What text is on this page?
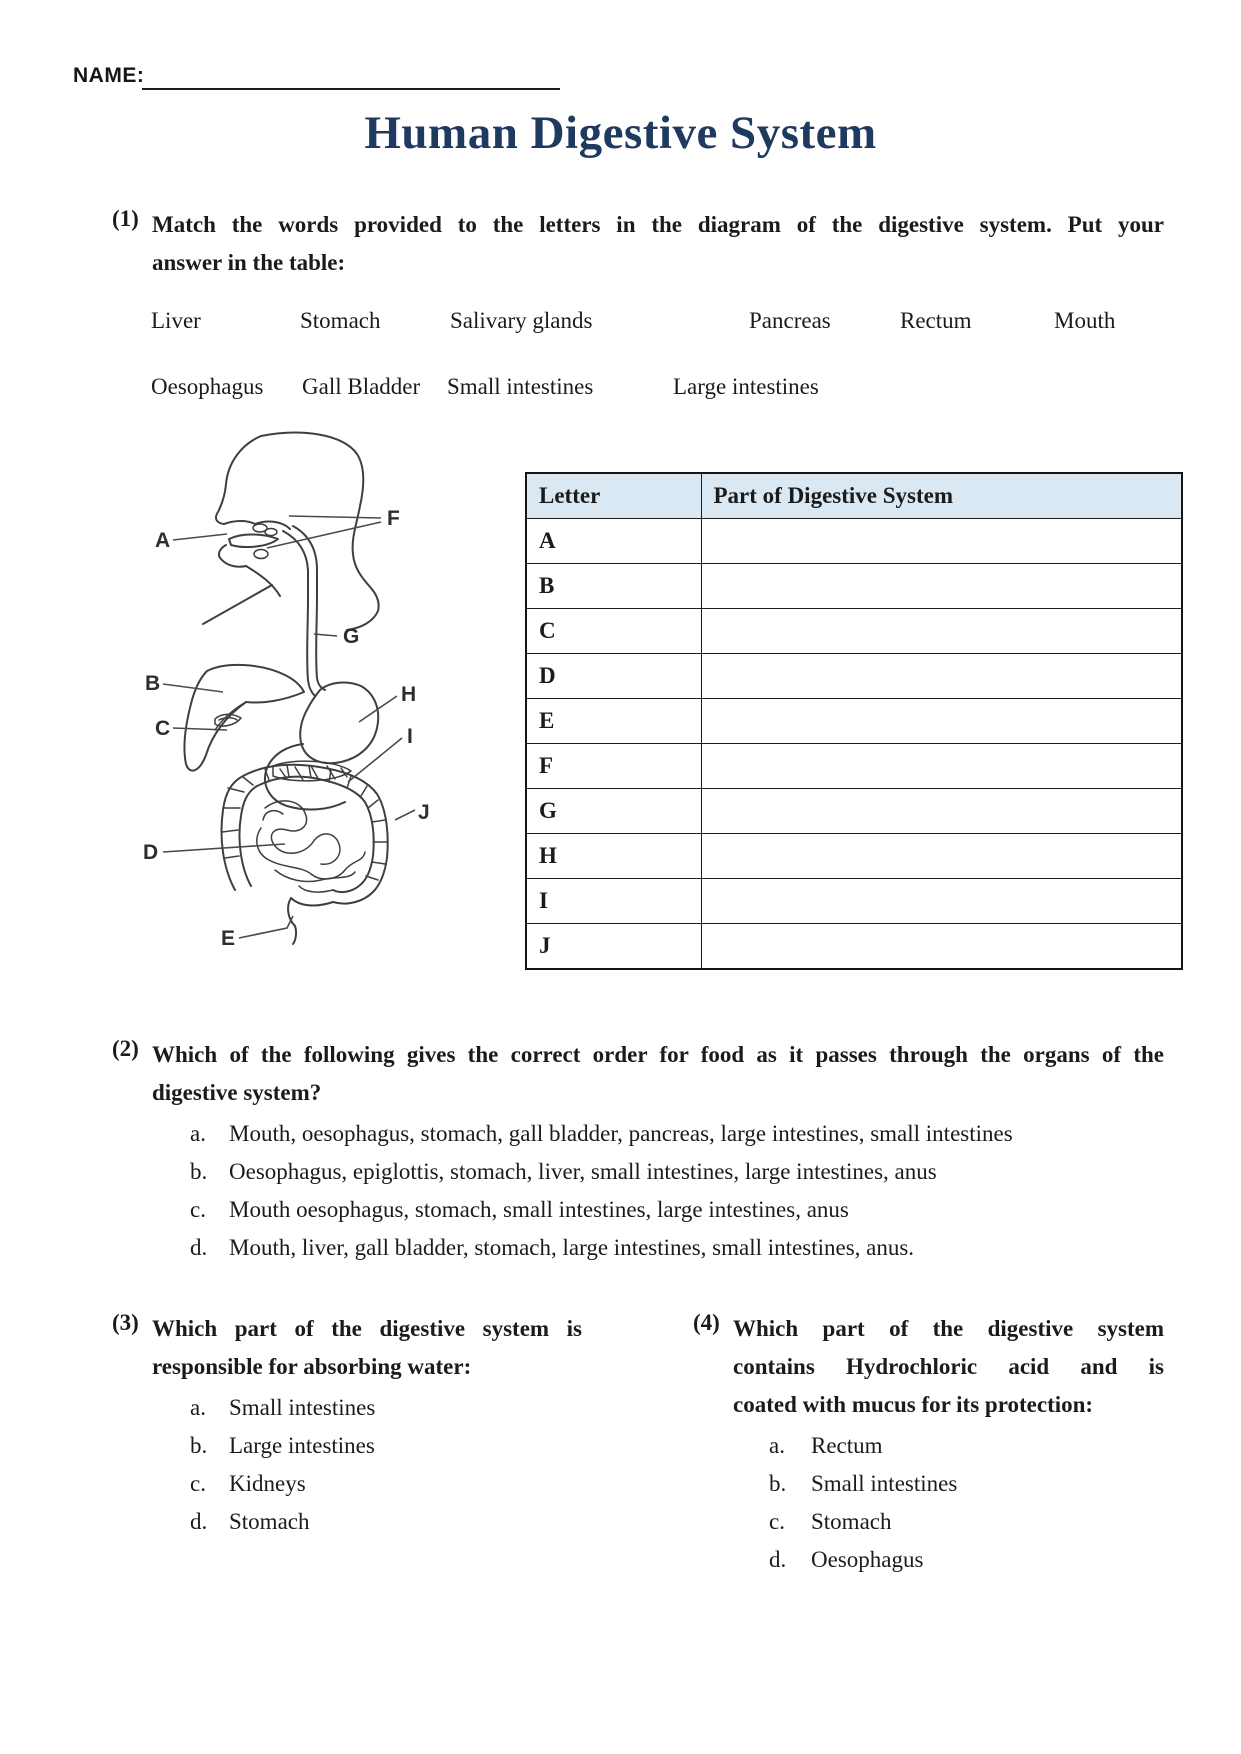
NAME:
Human Digestive System
(1) Match the words provided to the letters in the diagram of the digestive system. Put your
answer in the table:
Liver	Stomach	Salivary glands	Pancreas	Rectum	Mouth
Oesophagus Gall Bladder Small intestines	Large intestines
A
B
C
D
E
F
G
H
I
J
Letter	Part of Digestive System
A	
B	
C	
D	
E	
F	
G	
H	
I	
J	
(2) Which of the following gives the correct order for food as it passes through the organs of the
digestive system?
a.	Mouth, oesophagus, stomach, gall bladder, pancreas, large intestines, small intestines
b. Oesophagus, epiglottis, stomach, liver, small intestines, large intestines, anus
c.	Mouth oesophagus, stomach, small intestines, large intestines, anus
d. Mouth, liver, gall bladder, stomach, large intestines, small intestines, anus.
(3) Which part of the digestive system is
responsible for absorbing water:
a.	Small intestines
b. Large intestines
c.	Kidneys
d. Stomach
(4) Which part of the digestive system
contains Hydrochloric acid and is
coated with mucus for its protection:
a.	Rectum
b.	Small intestines
c.	Stomach
d.	Oesophagus
